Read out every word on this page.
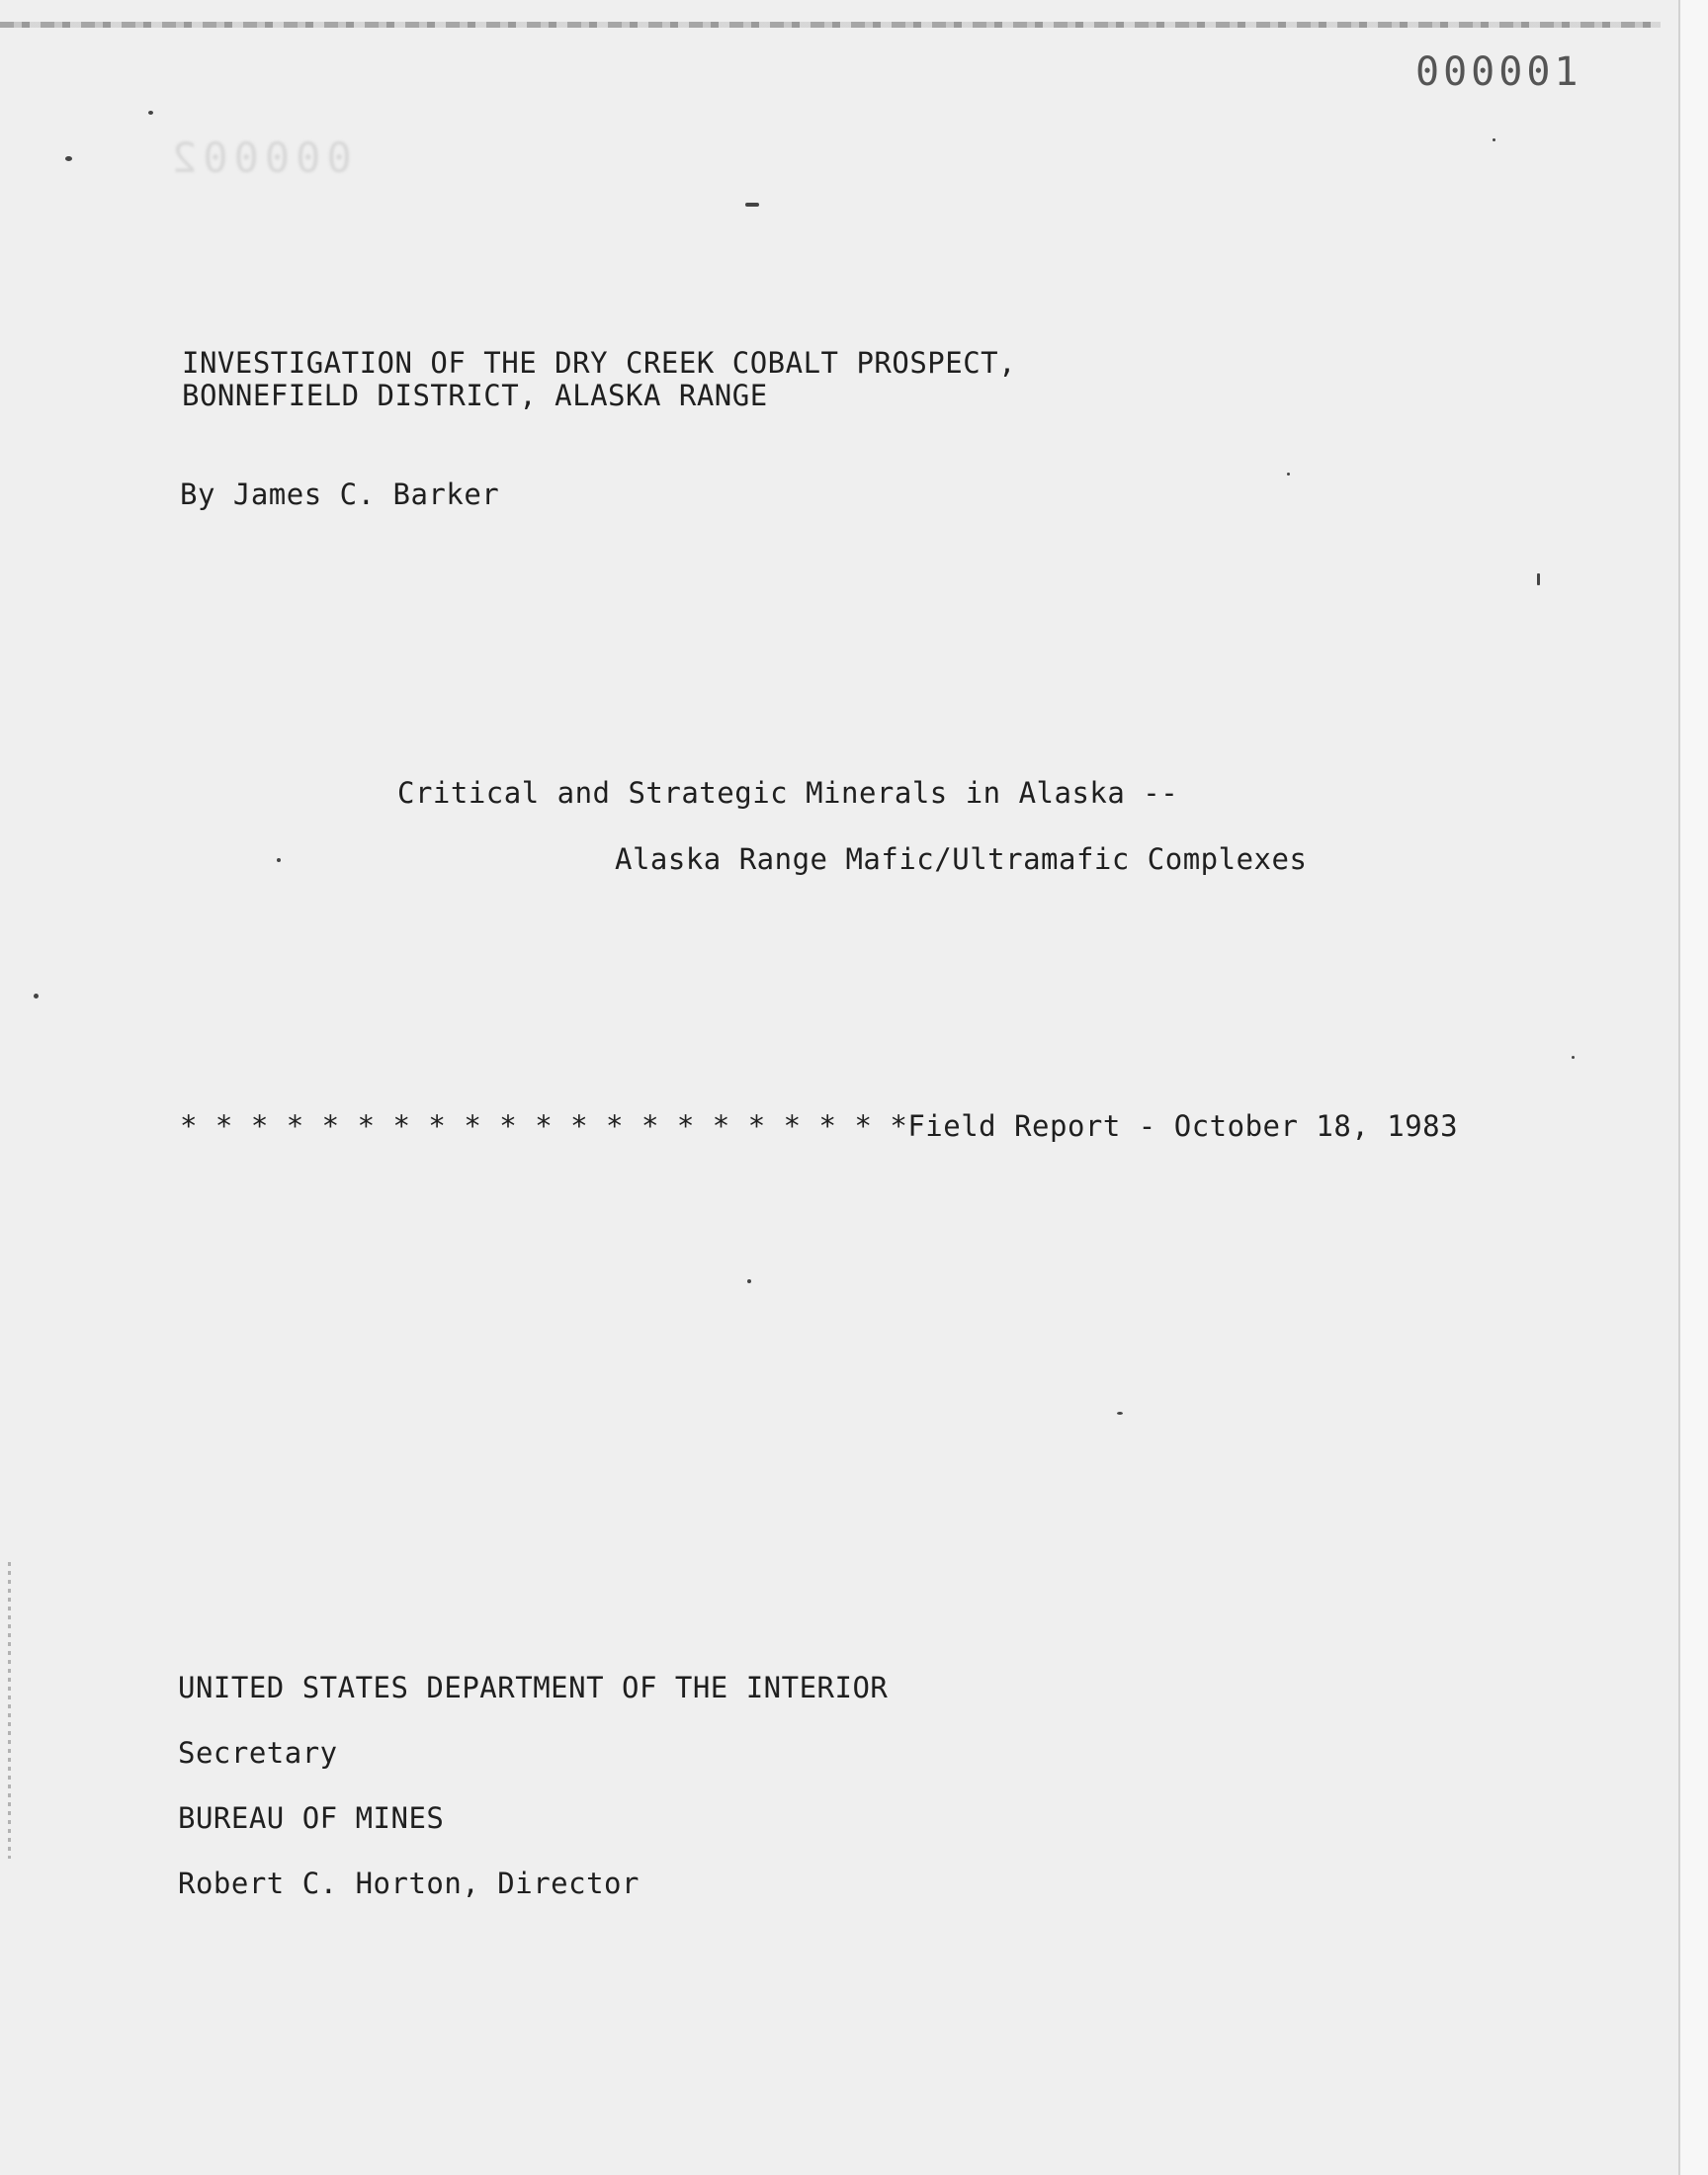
000002
000001
INVESTIGATION OF THE DRY CREEK COBALT PROSPECT,
BONNEFIELD DISTRICT, ALASKA RANGE
By James C. Barker
Critical and Strategic Minerals in Alaska --
Alaska Range Mafic/Ultramafic Complexes
* * * * * * * * * * * * * * * * * * * * *Field Report - October 18, 1983
UNITED STATES DEPARTMENT OF THE INTERIOR
Secretary
BUREAU OF MINES
Robert C. Horton, Director
